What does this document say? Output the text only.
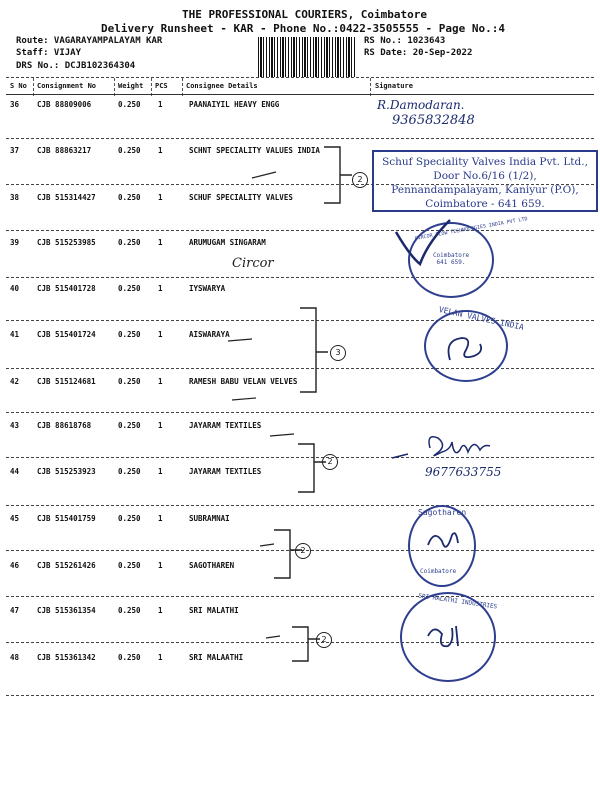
THE PROFESSIONAL COURIERS, Coimbatore
Delivery Runsheet - KAR - Phone No.:0422-3505555 - Page No.:4
Route: VAGARAYAMPALAYAM KAR
Staff: VIJAY
DRS No.: DCJB102364304
RS No.: 1023643
RS Date: 20-Sep-2022
S No Consignment No	Weight PCS	Consignee Details	Signature
36 CJB 88809006	0.250 1	PAANAIYIL HEAVY ENGG
37 CJB 88863217	0.250 1	SCHNT SPECIALITY VALUES INDIA
38 CJB 515314427	0.250 1	SCHUF SPECIALITY VALVES
39 CJB 515253985	0.250 1	ARUMUGAM SINGARAM
40 CJB 515401728	0.250 1	IYSWARYA
41 CJB 515401724	0.250 1	AISWARAYA
42 CJB 515124681	0.250 1	RAMESH BABU VELAN VELVES
43 CJB 88618768	0.250 1	JAYARAM TEXTILES
44 CJB 515253923	0.250 1	JAYARAM TEXTILES
45 CJB 515401759	0.250 1	SUBRAMNAI
46 CJB 515261426	0.250 1	SAGOTHAREN
47 CJB 515361354	0.250 1	SRI MALATHI
48 CJB 515361342	0.250 1	SRI MALAATHI
R.Damodaran.
9365832848
Circor
9677633755
2
3
2
2
2
Schuf Speciality Valves India Pvt. Ltd.,
Door No.6/16 (1/2),
Pennandampalayam, Kaniyur (P.O),
Coimbatore - 641 659.
CIRCOR FLOW TECHNOLOGIES INDIA PVT LTD
Coimbatore 641 659.
VELAN VALVES INDIA
Sagotharen
Coimbatore
SRI MALATHI INDUSTRIES
